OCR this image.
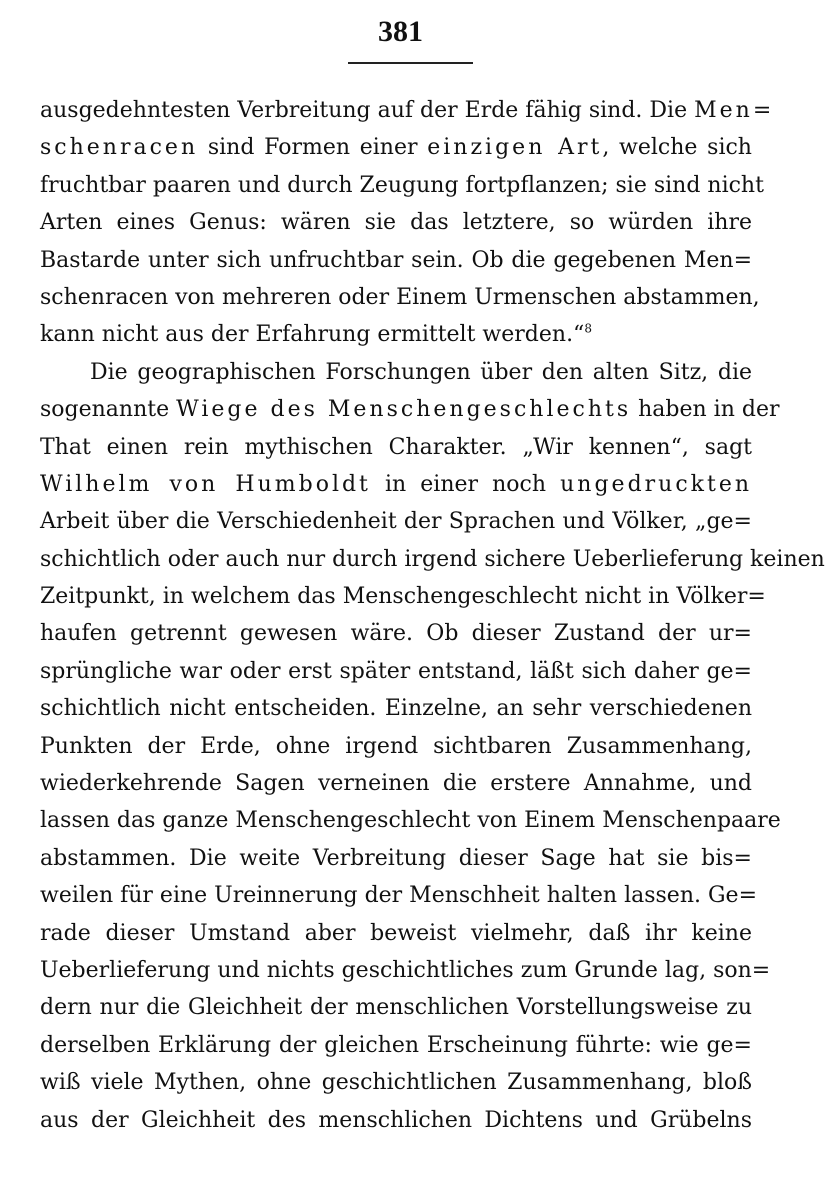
381
ausgedehntesten Verbreitung auf der Erde fähig sind. Die Men=
schenracen sind Formen einer einzigen Art, welche sich
fruchtbar paaren und durch Zeugung fortpflanzen; sie sind nicht
Arten eines Genus: wären sie das letztere, so würden ihre
Bastarde unter sich unfruchtbar sein. Ob die gegebenen Men=
schenracen von mehreren oder Einem Urmenschen abstammen,
kann nicht aus der Erfahrung ermittelt werden.“$^8$
Die geographischen Forschungen über den alten Sitz, die
sogenannte Wiege des Menschengeschlechts haben in der
That einen rein mythischen Charakter. „Wir kennen“, sagt
Wilhelm von Humboldt in einer noch ungedruckten
Arbeit über die Verschiedenheit der Sprachen und Völker, „ge=
schichtlich oder auch nur durch irgend sichere Ueberlieferung keinen
Zeitpunkt, in welchem das Menschengeschlecht nicht in Völker=
haufen getrennt gewesen wäre. Ob dieser Zustand der ur=
sprüngliche war oder erst später entstand, läßt sich daher ge=
schichtlich nicht entscheiden. Einzelne, an sehr verschiedenen
Punkten der Erde, ohne irgend sichtbaren Zusammenhang,
wiederkehrende Sagen verneinen die erstere Annahme, und
lassen das ganze Menschengeschlecht von Einem Menschenpaare
abstammen. Die weite Verbreitung dieser Sage hat sie bis=
weilen für eine Ureinnerung der Menschheit halten lassen. Ge=
rade dieser Umstand aber beweist vielmehr, daß ihr keine
Ueberlieferung und nichts geschichtliches zum Grunde lag, son=
dern nur die Gleichheit der menschlichen Vorstellungsweise zu
derselben Erklärung der gleichen Erscheinung führte: wie ge=
wiß viele Mythen, ohne geschichtlichen Zusammenhang, bloß
aus der Gleichheit des menschlichen Dichtens und Grübelns
